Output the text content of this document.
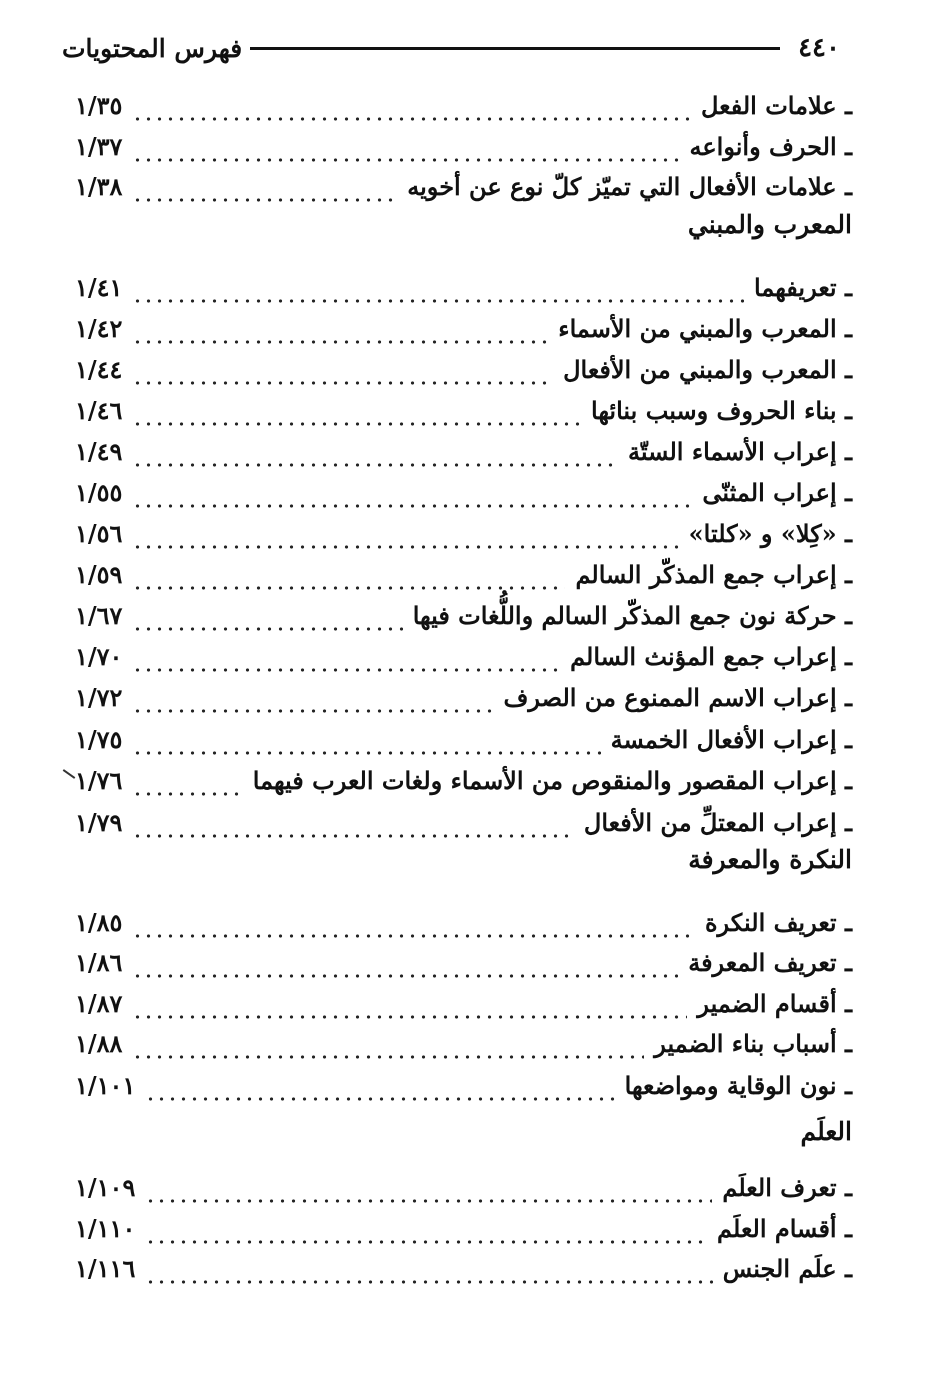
٤٤٠
فهرس المحتويات
ـ علامات الفعل
١/٣٥
ـ الحرف وأنواعه
١/٣٧
ـ علامات الأفعال التي تميّز كلّ نوع عن أخويه
١/٣٨
المعرب والمبني
ـ تعريفهما
١/٤١
ـ المعرب والمبني من الأسماء
١/٤٢
ـ المعرب والمبني من الأفعال
١/٤٤
ـ بناء الحروف وسبب بنائها
١/٤٦
ـ إعراب الأسماء الستّة
١/٤٩
ـ إعراب المثنّى
١/٥٥
ـ «كِلا» و «كلتا»
١/٥٦
ـ إعراب جمع المذكّر السالم
١/٥٩
ـ حركة نون جمع المذكّر السالم واللُّغات فيها
١/٦٧
ـ إعراب جمع المؤنث السالم
١/٧٠
ـ إعراب الاسم الممنوع من الصرف
١/٧٢
ـ إعراب الأفعال الخمسة
١/٧٥
ـ إعراب المقصور والمنقوص من الأسماء ولغات العرب فيهما
١/٧٦
ـ إعراب المعتلِّ من الأفعال
١/٧٩
النكرة والمعرفة
ـ تعريف النكرة
١/٨٥
ـ تعريف المعرفة
١/٨٦
ـ أقسام الضمير
١/٨٧
ـ أسباب بناء الضمير
١/٨٨
ـ نون الوقاية ومواضعها
١/١٠١
العلَم
ـ تعرف العلَم
١/١٠٩
ـ أقسام العلَم
١/١١٠
ـ علَم الجنس
١/١١٦
